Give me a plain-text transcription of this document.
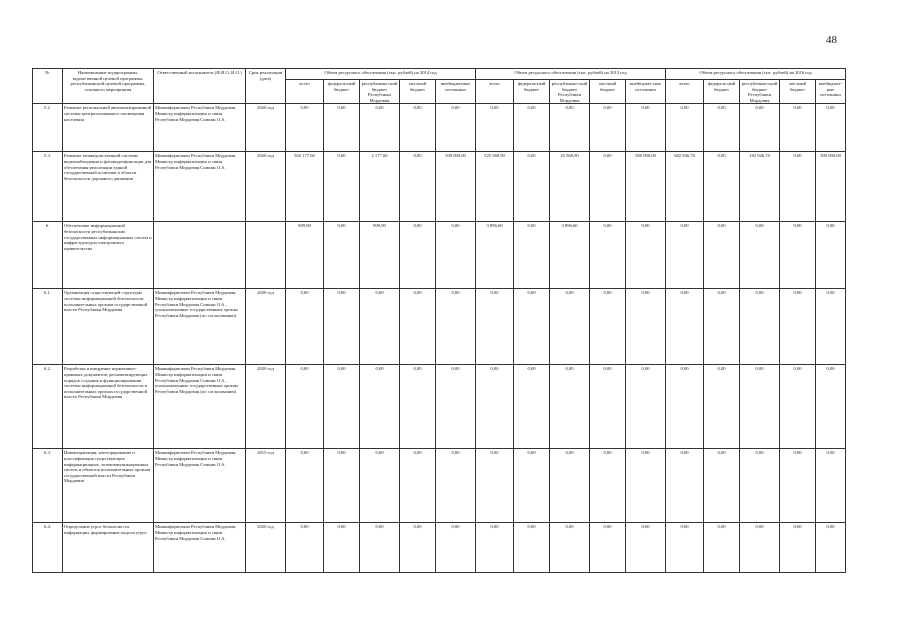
48
№	Наименование подпрограммы, ведомственной целевой программы, республиканской целевой программы, основного мероприятия	Ответственный исполнитель (Ф.И.О.,И.О.)	Срок реализации (дата)	Объем ресурсного обеспечения (тыс. рублей) на 2014 год					Объем ресурсного обеспечения (тыс. рублей) на 2015 год					Объем ресурсного обеспечения (тыс. рублей) на 2016 год				
				всего	федераль-ный бюджет	республикан-ский бюджет Республики Мордовия	местный бюджет	внебюджетные источники	всего	федераль-ный бюджет	республикан-ский бюджет Республики Мордовия	местный бюджет	внебюджет-ные источники	всего	федераль-ный бюджет	республикан-ский бюджет Республики Мордовия	местный бюджет	внебюджет-ные источники
5.2.	Развитие региональной автоматизированной системы централизованного оповещения населения	Мининформсвязи Республики Мордовия, Министр информатизации и связи Республики Мордовия Сомкин О.А.	2020 год	0,00	0,00	0,00	0,00	0,00	0,00	0,00	0,00	0,00	0,00	0,00	0,00	0,00	0,00	0,00
5.3.	Развитие межведомственной системы видеонаблюдения и фотовидеофиксации для обеспечения реализации единой государственной политики в области безопасности дорожного движения	Мининформсвязи Республики Мордовия, Министр информатизации и связи Республики Мордовия Сомкин О.А.	2020 год	502 177,60	0,00	2 177,60	0,00	500 000,00	525 568,90	0,00	25 568,90	0,00	500 000,00	682 946,70	0,00	182 946,70	0,00	500 000,00
6.	Обеспечение информационной безопасности республиканских государственных информационных систем и инфраструктуры электронного правительства			909,90	0,00	909,90	0,00	0,00	3 896,60	0,00	3 896,60	0,00	0,00	0,00	0,00	0,00	0,00	0,00
6.1.	Организация существующей структуры системы информационной безопасности исполнительных органов государственной власти Республики Мордовия	Мининформсвязи Республики Мордовия, Министр информатизации и связи Республики Мордовия Сомкин О.А., уполномоченные государственные органы Республики Мордовия (по согласованию)	2020 год	0,00	0,00	0,00	0,00	0,00	0,00	0,00	0,00	0,00	0,00	0,00	0,00	0,00	0,00	0,00
6.2.	Разработка и внедрение нормативно-правовых документов, регламентирующих порядок создания и функционирования системы информационной безопасности в исполнительных органах государственной власти Республики Мордовия	Мининформсвязи Республики Мордовия, Министр информатизации и связи Республики Мордовия Сомкин О.А., уполномоченные государственные органы Республики Мордовия (по согласованию)	2020 год	0,00	0,00	0,00	0,00	0,00	0,00	0,00	0,00	0,00	0,00	0,00	0,00	0,00	0,00	0,00
6.3.	Инвентаризация, категорирование и классификация существующих информационных, телекоммуникационных систем и объектов исполнительных органов государственной власти Республики Мордовия	Мининформсвязи Республики Мордовия, Министр информатизации и связи Республики Мордовия Сомкин О.А.	2015 год	0,00	0,00	0,00	0,00	0,00	0,00	0,00	0,00	0,00	0,00	0,00	0,00	0,00	0,00	0,00
6.4.	Определение угроз безопасности информации, формирование модели угроз	Мининформсвязи Республики Мордовия, Министр информатизации и связи Республики Мордовия Сомкин О.А.	2020 год	0,00	0,00	0,00	0,00	0,00	0,00	0,00	0,00	0,00	0,00	0,00	0,00	0,00	0,00	0,00
